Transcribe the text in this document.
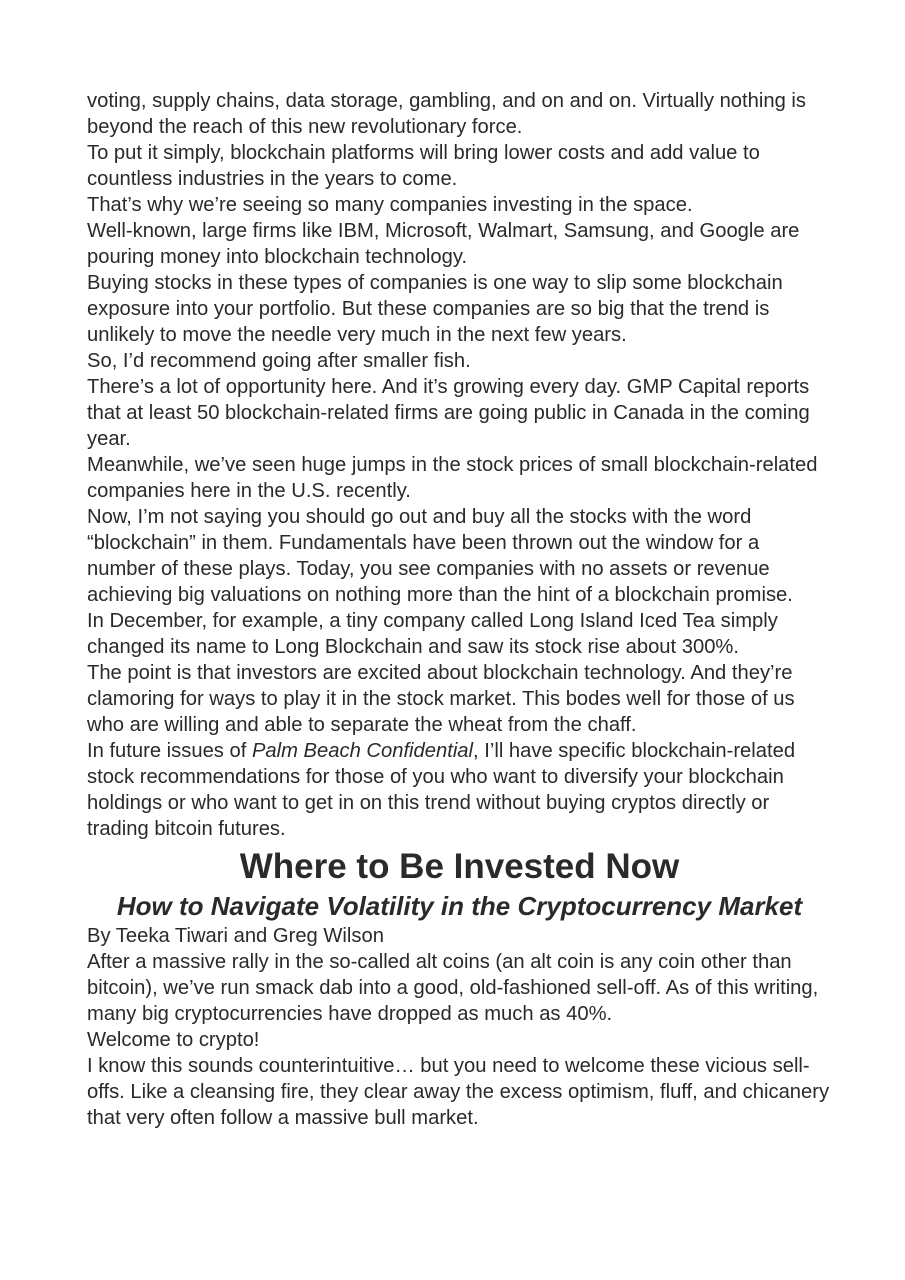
voting, supply chains, data storage, gambling, and on and on. Virtually nothing is beyond the reach of this new revolutionary force.

To put it simply, blockchain platforms will bring lower costs and add value to countless industries in the years to come.

That’s why we’re seeing so many companies investing in the space.

Well-known, large firms like IBM, Microsoft, Walmart, Samsung, and Google are pouring money into blockchain technology.

Buying stocks in these types of companies is one way to slip some blockchain exposure into your portfolio. But these companies are so big that the trend is unlikely to move the needle very much in the next few years.

So, I’d recommend going after smaller fish.

There’s a lot of opportunity here. And it’s growing every day. GMP Capital reports that at least 50 blockchain-related firms are going public in Canada in the coming year.

Meanwhile, we’ve seen huge jumps in the stock prices of small blockchain-related companies here in the U.S. recently.

Now, I’m not saying you should go out and buy all the stocks with the word “blockchain” in them. Fundamentals have been thrown out the window for a number of these plays. Today, you see companies with no assets or revenue achieving big valuations on nothing more than the hint of a blockchain promise.

In December, for example, a tiny company called Long Island Iced Tea simply changed its name to Long Blockchain and saw its stock rise about 300%.

The point is that investors are excited about blockchain technology. And they’re clamoring for ways to play it in the stock market. This bodes well for those of us who are willing and able to separate the wheat from the chaff.

In future issues of Palm Beach Confidential, I’ll have specific blockchain-related stock recommendations for those of you who want to diversify your blockchain holdings or who want to get in on this trend without buying cryptos directly or trading bitcoin futures.

Where to Be Invested Now
How to Navigate Volatility in the Cryptocurrency Market

By Teeka Tiwari and Greg Wilson

After a massive rally in the so-called alt coins (an alt coin is any coin other than bitcoin), we’ve run smack dab into a good, old-fashioned sell-off. As of this writing, many big cryptocurrencies have dropped as much as 40%.

Welcome to crypto!

I know this sounds counterintuitive… but you need to welcome these vicious sell-offs. Like a cleansing fire, they clear away the excess optimism, fluff, and chicanery that very often follow a massive bull market.
